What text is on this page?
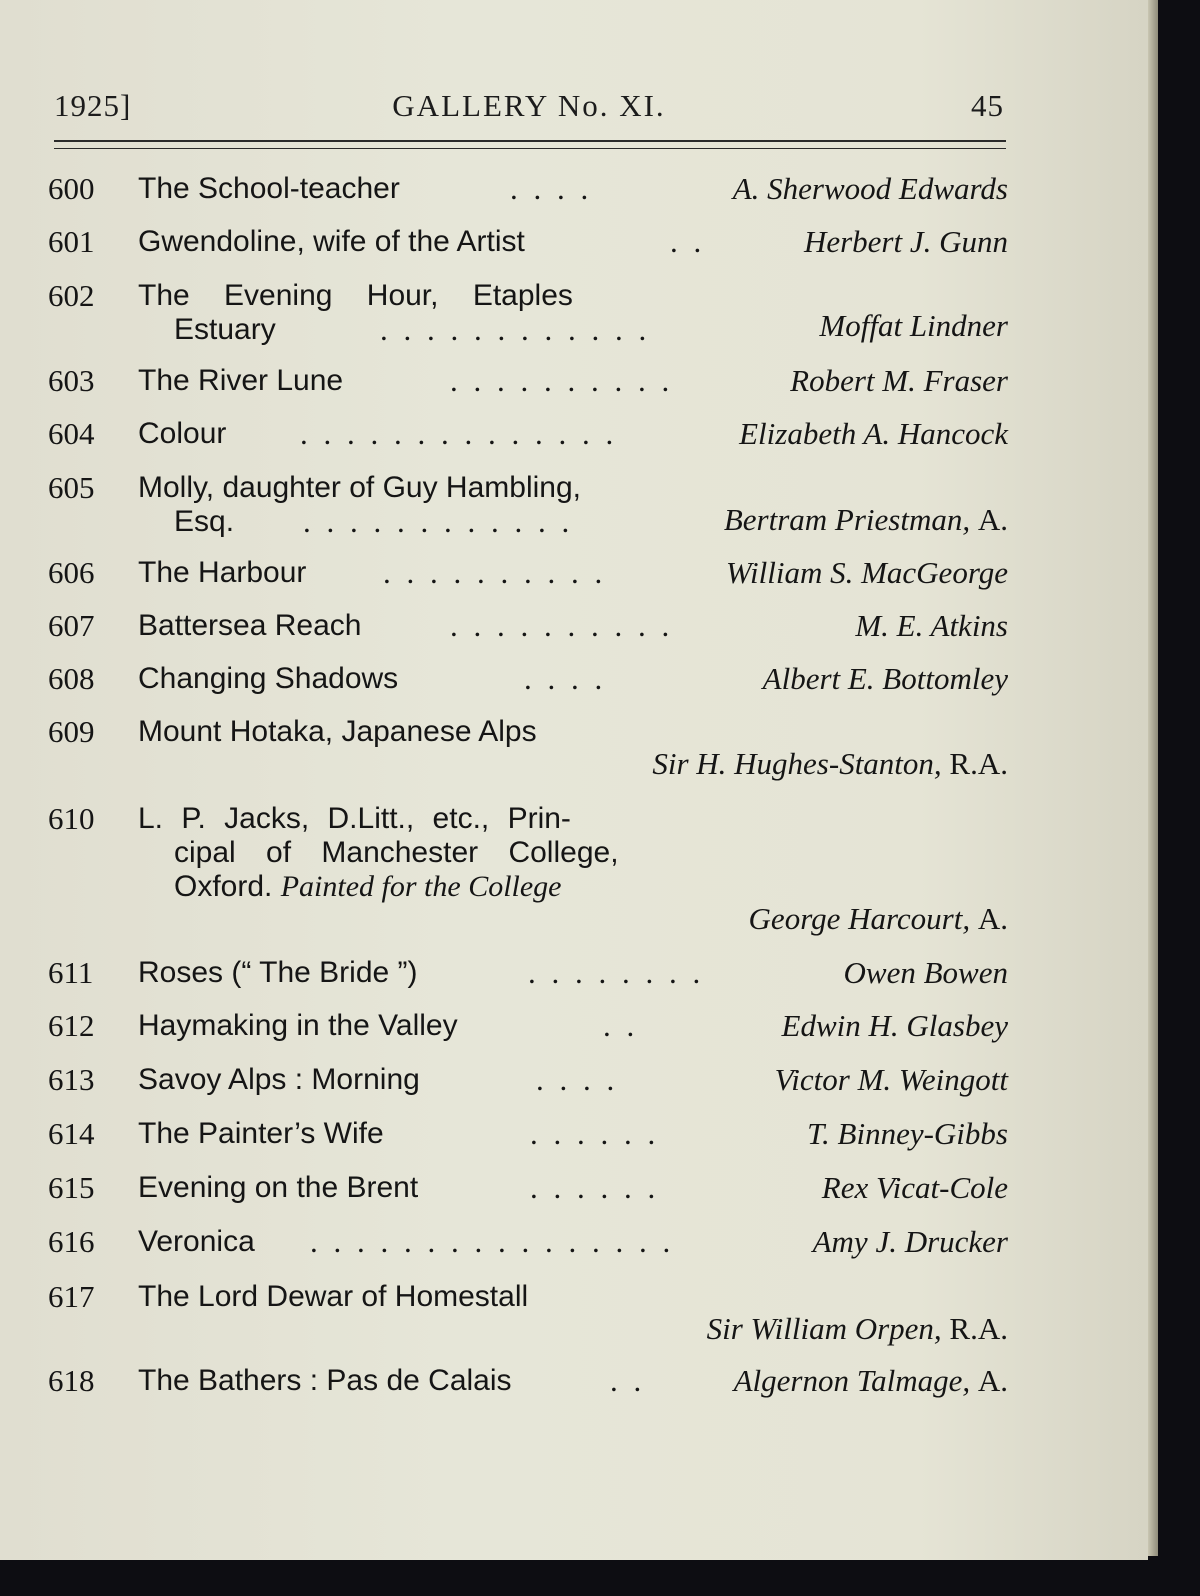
1925]	GALLERY No. XI.	45
600 The School-teacher	. . . .	A. Sherwood Edwards
601 Gwendoline, wife of the Artist	. .	Herbert J. Gunn
602 The Evening Hour, Etaples
Estuary	. . . . . . . . . . . .	Moffat Lindner
603 The River Lune	. . . . . . . . . .	Robert M. Fraser
604 Colour . . . . . . . . . . . . . .	Elizabeth A. Hancock
605 Molly, daughter of Guy Hambling,
Esq. . . . . . . . . . . . .	Bertram Priestman, A.
606 The Harbour . . . . . . . . . .	William S. MacGeorge
607 Battersea Reach	. . . . . . . . . .	M. E. Atkins
608 Changing Shadows	. . . .	Albert E. Bottomley
609 Mount Hotaka, Japanese Alps
Sir H. Hughes-Stanton, R.A.
610 L. P. Jacks, D.Litt., etc., Prin-
cipal of Manchester College,
Oxford. Painted for the College
George Harcourt, A.
611 Roses (“ The Bride ”)	. . . . . . . .	Owen Bowen
612 Haymaking in the Valley	. .	Edwin H. Glasbey
613 Savoy Alps : Morning	. . . .	Victor M. Weingott
614 The Painter’s Wife	. . . . . .	T. Binney-Gibbs
615 Evening on the Brent	. . . . . .	Rex Vicat-Cole
616 Veronica . . . . . . . . . . . . . . . .	Amy J. Drucker
617 The Lord Dewar of Homestall
Sir William Orpen, R.A.
618 The Bathers : Pas de Calais	. .	Algernon Talmage, A.
